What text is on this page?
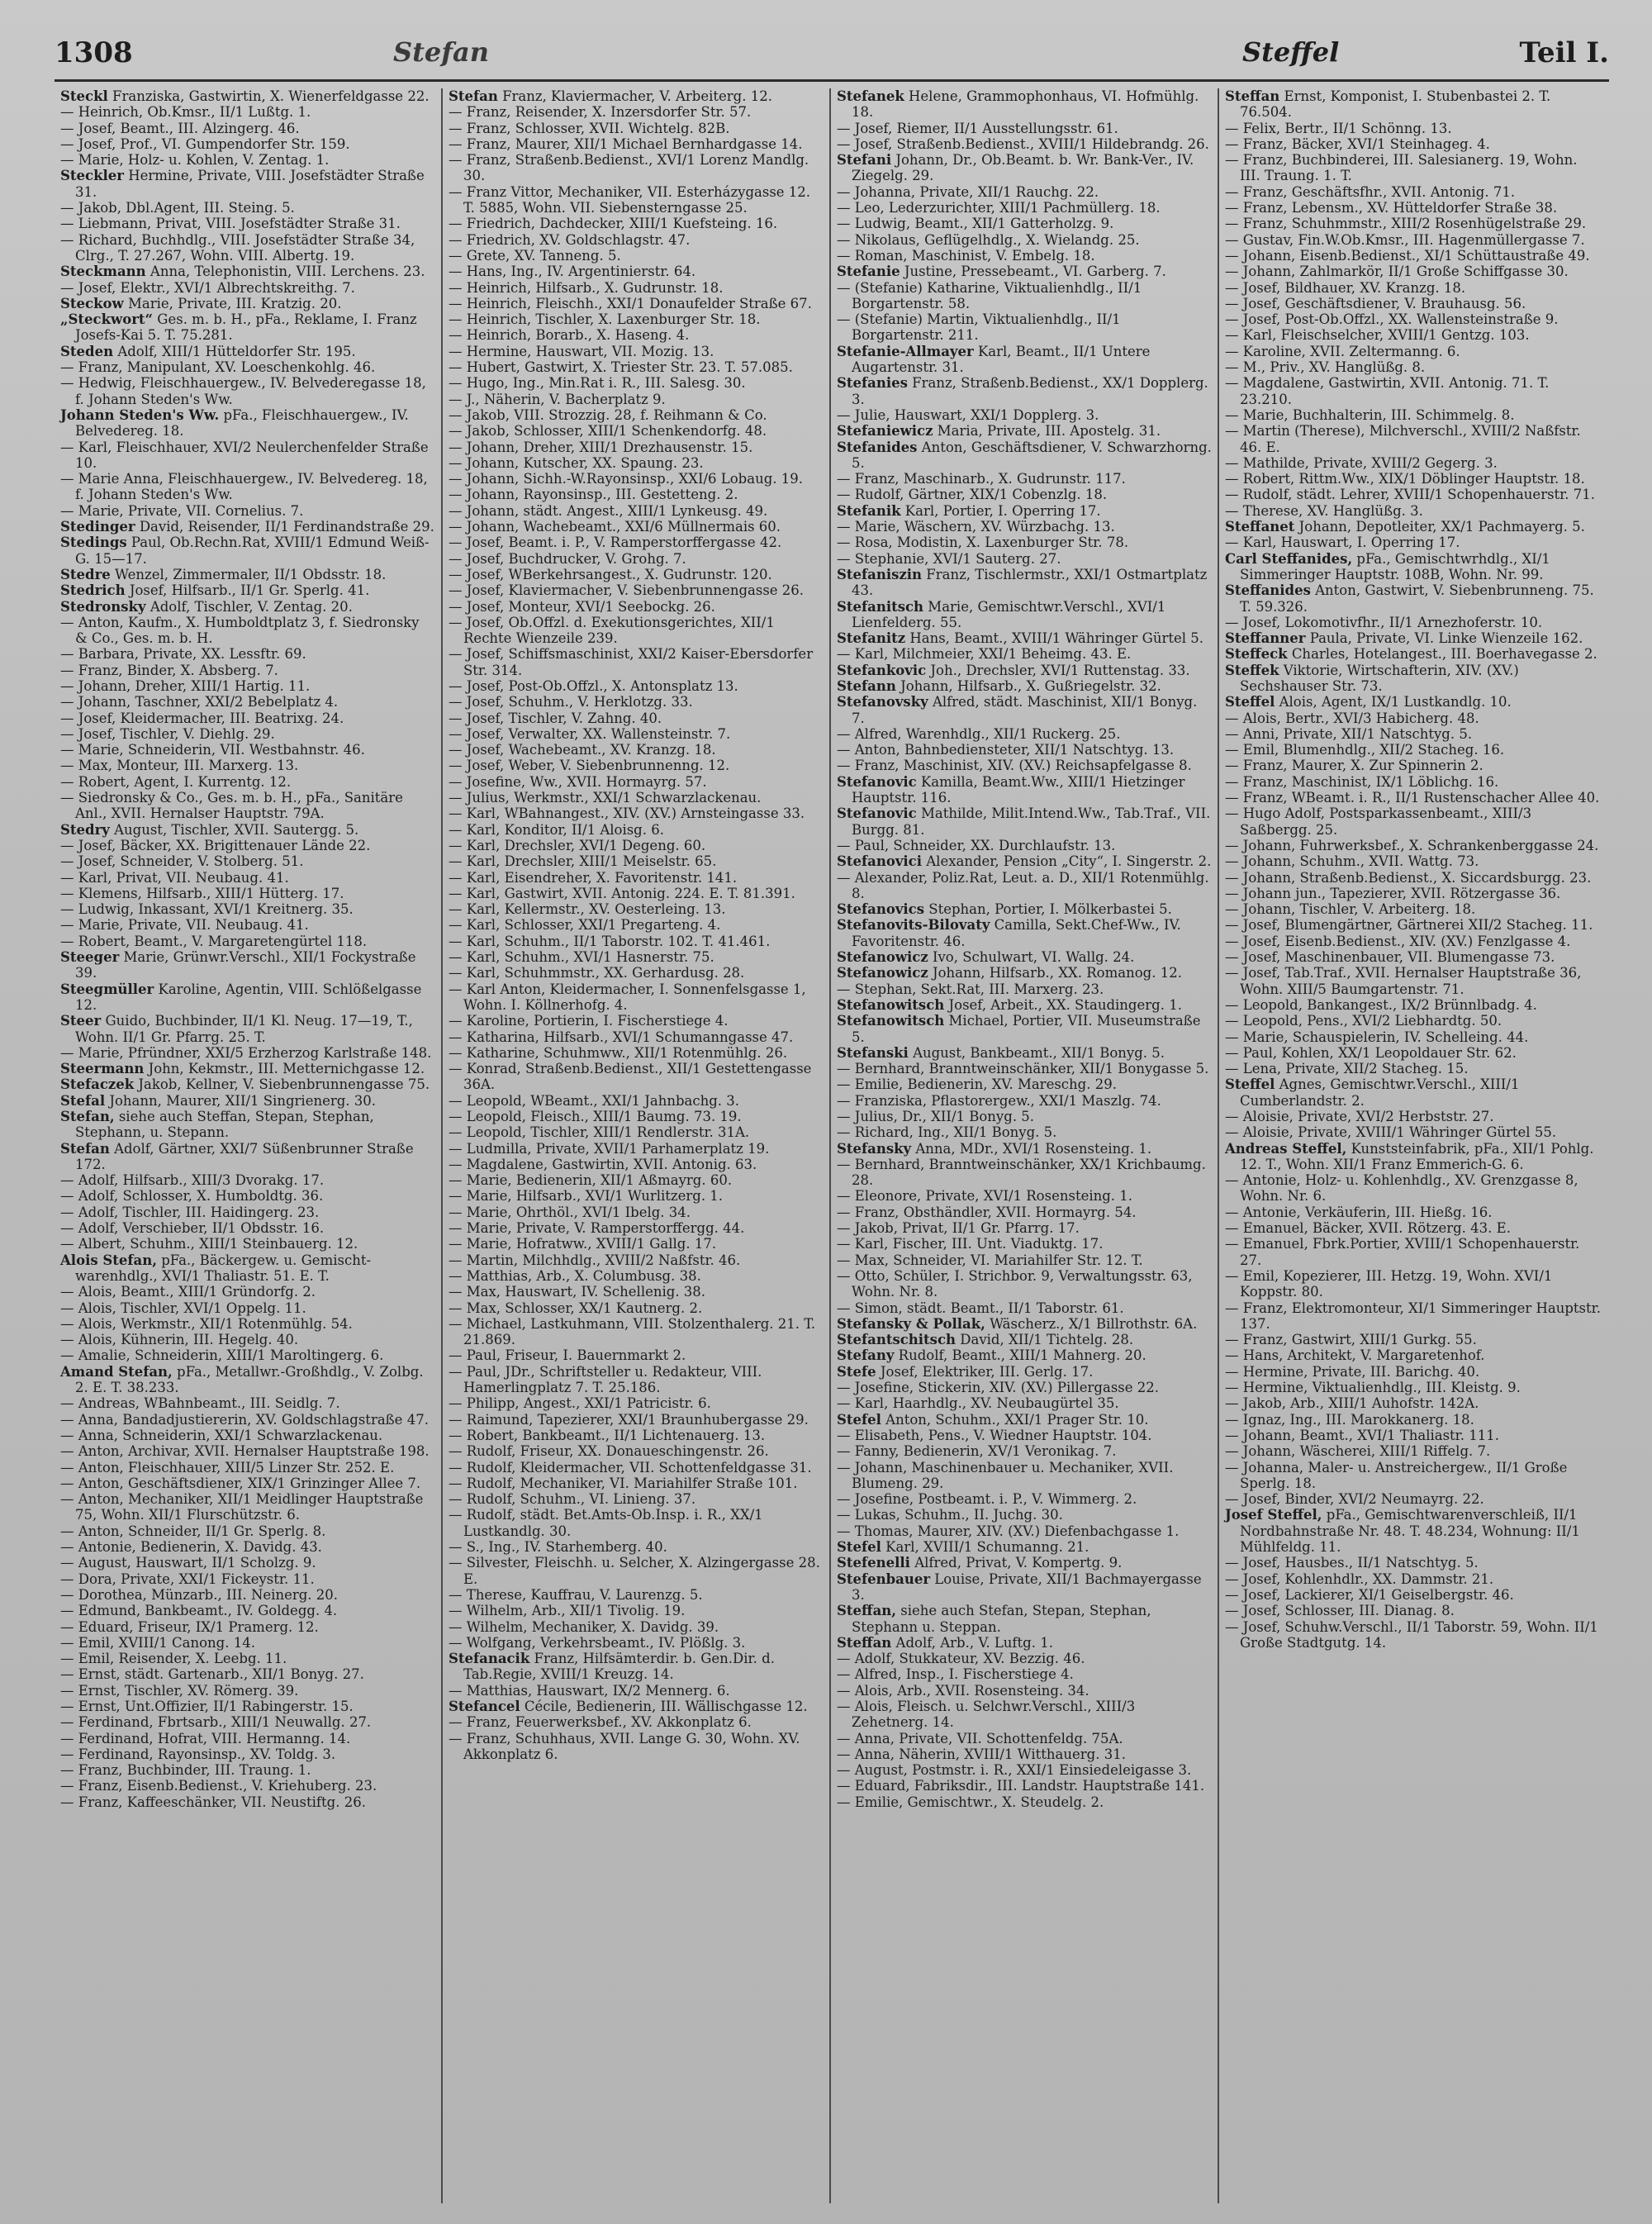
1308	Stefan	Steffel	Teil I.

Steckl Franziska, Gastwirtin, X. Wienerfeldgasse 22.

— Heinrich, Ob.Kmsr., II/1 Lußtg. 1.

— Josef, Beamt., III. Alzingerg. 46.

— Josef, Prof., VI. Gumpendorfer Str. 159.

— Marie, Holz- u. Kohlen, V. Zentag. 1.

Steckler Hermine, Private, VIII. Josefstädter Straße 31.

— Jakob, Dbl.Agent, III. Steing. 5.

— Liebmann, Privat, VIII. Josefstädter Straße 31.

— Richard, Buchhdlg., VIII. Josefstädter Straße 34, Clrg., T. 27.267, Wohn. VIII. Albertg. 19.

Steckmann Anna, Telephonistin, VIII. Lerchens. 23.

— Josef, Elektr., XVI/1 Albrechtskreithg. 7.

Steckow Marie, Private, III. Kratzig. 20.

„Steckwort“ Ges. m. b. H., pFa., Reklame, I. Franz Josefs-Kai 5. T. 75.281.

Steden Adolf, XIII/1 Hütteldorfer Str. 195.

— Franz, Manipulant, XV. Loeschenkohlg. 46.

— Hedwig, Fleischhauergew., IV. Belvederegasse 18, f. Johann Steden's Ww.

Johann Steden's Ww. pFa., Fleischhauergew., IV. Belvedereg. 18.

— Karl, Fleischhauer, XVI/2 Neulerchenfelder Straße 10.

— Marie Anna, Fleischhauergew., IV. Belvedereg. 18, f. Johann Steden's Ww.

— Marie, Private, VII. Cornelius. 7.

Stedinger David, Reisender, II/1 Ferdinandstraße 29.

Stedings Paul, Ob.Rechn.Rat, XVIII/1 Edmund Weiß-G. 15—17.

Stedre Wenzel, Zimmermaler, II/1 Obdsstr. 18.

Stedrich Josef, Hilfsarb., II/1 Gr. Sperlg. 41.

Stedronsky Adolf, Tischler, V. Zentag. 20.

— Anton, Kaufm., X. Humboldtplatz 3, f. Siedronsky & Co., Ges. m. b. H.

— Barbara, Private, XX. Lessftr. 69.

— Franz, Binder, X. Absberg. 7.

— Johann, Dreher, XIII/1 Hartig. 11.

— Johann, Taschner, XXI/2 Bebelplatz 4.

— Josef, Kleidermacher, III. Beatrixg. 24.

— Josef, Tischler, V. Diehlg. 29.

— Marie, Schneiderin, VII. Westbahnstr. 46.

— Max, Monteur, III. Marxerg. 13.

— Robert, Agent, I. Kurrentg. 12.

— Siedronsky & Co., Ges. m. b. H., pFa., Sanitäre Anl., XVII. Hernalser Hauptstr. 79A.

Stedry August, Tischler, XVII. Sautergg. 5.

— Josef, Bäcker, XX. Brigittenauer Lände 22.

— Josef, Schneider, V. Stolberg. 51.

— Karl, Privat, VII. Neubaug. 41.

— Klemens, Hilfsarb., XIII/1 Hütterg. 17.

— Ludwig, Inkassant, XVI/1 Kreitnerg. 35.

— Marie, Private, VII. Neubaug. 41.

— Robert, Beamt., V. Margaretengürtel 118.

Steeger Marie, Grünwr.Verschl., XII/1 Fockystraße 39.

Steegmüller Karoline, Agentin, VIII. Schlößelgasse 12.

Steer Guido, Buchbinder, II/1 Kl. Neug. 17—19, T., Wohn. II/1 Gr. Pfarrg. 25. T.

— Marie, Pfründner, XXI/5 Erzherzog Karlstraße 148.

Steermann John, Kekmstr., III. Metternichgasse 12.

Stefaczek Jakob, Kellner, V. Siebenbrunnengasse 75.

Stefal Johann, Maurer, XII/1 Singrienerg. 30.

Stefan, siehe auch Steffan, Stepan, Stephan, Stephann, u. Stepann.

Stefan Adolf, Gärtner, XXI/7 Süßenbrunner Straße 172.

— Adolf, Hilfsarb., XIII/3 Dvorakg. 17.

— Adolf, Schlosser, X. Humboldtg. 36.

— Adolf, Tischler, III. Haidingerg. 23.

— Adolf, Verschieber, II/1 Obdsstr. 16.

— Albert, Schuhm., XIII/1 Steinbauerg. 12.

Alois Stefan, pFa., Bäckergew. u. Gemischtwarenhdlg., XVI/1 Thaliastr. 51. E. T.

— Alois, Beamt., XIII/1 Gründorfg. 2.

— Alois, Tischler, XVI/1 Oppelg. 11.

— Alois, Werkmstr., XII/1 Rotenmühlg. 54.

— Alois, Kühnerin, III. Hegelg. 40.

— Amalie, Schneiderin, XIII/1 Maroltingerg. 6.

Amand Stefan, pFa., Metallwr.-Großhdlg., V. Zolbg. 2. E. T. 38.233.

— Andreas, WBahnbeamt., III. Seidlg. 7.

— Anna, Bandadjustiererin, XV. Goldschlagstraße 47.

— Anna, Schneiderin, XXI/1 Schwarzlackenau.

— Anton, Archivar, XVII. Hernalser Hauptstraße 198.

— Anton, Fleischhauer, XIII/5 Linzer Str. 252. E.

— Anton, Geschäftsdiener, XIX/1 Grinzinger Allee 7.

— Anton, Mechaniker, XII/1 Meidlinger Hauptstraße 75, Wohn. XII/1 Flurschützstr. 6.

— Anton, Schneider, II/1 Gr. Sperlg. 8.

— Antonie, Bedienerin, X. Davidg. 43.

— August, Hauswart, II/1 Scholzg. 9.

— Dora, Private, XXI/1 Fickeystr. 11.

— Dorothea, Münzarb., III. Neinerg. 20.

— Edmund, Bankbeamt., IV. Goldegg. 4.

— Eduard, Friseur, IX/1 Pramerg. 12.

— Emil, XVIII/1 Canong. 14.

— Emil, Reisender, X. Leebg. 11.

— Ernst, städt. Gartenarb., XII/1 Bonyg. 27.

— Ernst, Tischler, XV. Römerg. 39.

— Ernst, Unt.Offizier, II/1 Rabingerstr. 15.

— Ferdinand, Fbrtsarb., XIII/1 Neuwallg. 27.

— Ferdinand, Hofrat, VIII. Hermanng. 14.

— Ferdinand, Rayonsinsp., XV. Toldg. 3.

— Franz, Buchbinder, III. Traung. 1.

— Franz, Eisenb.Bedienst., V. Kriehuberg. 23.

— Franz, Kaffeeschänker, VII. Neustiftg. 26.

Stefan Franz, Klaviermacher, V. Arbeiterg. 12.

— Franz, Reisender, X. Inzersdorfer Str. 57.

— Franz, Schlosser, XVII. Wichtelg. 82B.

— Franz, Maurer, XII/1 Michael Bernhardgasse 14.

— Franz, Straßenb.Bedienst., XVI/1 Lorenz Mandlg. 30.

— Franz Vittor, Mechaniker, VII. Esterházygasse 12. T. 5885, Wohn. VII. Siebensterngasse 25.

— Friedrich, Dachdecker, XIII/1 Kuefsteing. 16.

— Friedrich, XV. Goldschlagstr. 47.

— Grete, XV. Tanneng. 5.

— Hans, Ing., IV. Argentinierstr. 64.

— Heinrich, Hilfsarb., X. Gudrunstr. 18.

— Heinrich, Fleischh., XXI/1 Donaufelder Straße 67.

— Heinrich, Tischler, X. Laxenburger Str. 18.

— Heinrich, Borarb., X. Haseng. 4.

— Hermine, Hauswart, VII. Mozig. 13.

— Hubert, Gastwirt, X. Triester Str. 23. T. 57.085.

— Hugo, Ing., Min.Rat i. R., III. Salesg. 30.

— J., Näherin, V. Bacherplatz 9.

— Jakob, VIII. Strozzig. 28, f. Reihmann & Co.

— Jakob, Schlosser, XIII/1 Schenkendorfg. 48.

— Johann, Dreher, XIII/1 Drezhausenstr. 15.

— Johann, Kutscher, XX. Spaung. 23.

— Johann, Sichh.-W.Rayonsinsp., XXI/6 Lobaug. 19.

— Johann, Rayonsinsp., III. Gestetteng. 2.

— Johann, städt. Angest., XIII/1 Lynkeusg. 49.

— Johann, Wachebeamt., XXI/6 Müllnermais 60.

— Josef, Beamt. i. P., V. Ramperstorffergasse 42.

— Josef, Buchdrucker, V. Grohg. 7.

— Josef, WBerkehrsangest., X. Gudrunstr. 120.

— Josef, Klaviermacher, V. Siebenbrunnengasse 26.

— Josef, Monteur, XVI/1 Seebockg. 26.

— Josef, Ob.Offzl. d. Exekutionsgerichtes, XII/1 Rechte Wienzeile 239.

— Josef, Schiffsmaschinist, XXI/2 Kaiser-Ebersdorfer Str. 314.

— Josef, Post-Ob.Offzl., X. Antonsplatz 13.

— Josef, Schuhm., V. Herklotzg. 33.

— Josef, Tischler, V. Zahng. 40.

— Josef, Verwalter, XX. Wallensteinstr. 7.

— Josef, Wachebeamt., XV. Kranzg. 18.

— Josef, Weber, V. Siebenbrunnenng. 12.

— Josefine, Ww., XVII. Hormayrg. 57.

— Julius, Werkmstr., XXI/1 Schwarzlackenau.

— Karl, WBahnangest., XIV. (XV.) Arnsteingasse 33.

— Karl, Konditor, II/1 Aloisg. 6.

— Karl, Drechsler, XVI/1 Degeng. 60.

— Karl, Drechsler, XIII/1 Meiselstr. 65.

— Karl, Eisendreher, X. Favoritenstr. 141.

— Karl, Gastwirt, XVII. Antonig. 224. E. T. 81.391.

— Karl, Kellermstr., XV. Oesterleing. 13.

— Karl, Schlosser, XXI/1 Pregarteng. 4.

— Karl, Schuhm., II/1 Taborstr. 102. T. 41.461.

— Karl, Schuhm., XVI/1 Hasnerstr. 75.

— Karl, Schuhmmstr., XX. Gerhardusg. 28.

— Karl Anton, Kleidermacher, I. Sonnenfelsgasse 1, Wohn. I. Köllnerhofg. 4.

— Karoline, Portierin, I. Fischerstiege 4.

— Katharina, Hilfsarb., XVI/1 Schumanngasse 47.

— Katharine, Schuhmww., XII/1 Rotenmühlg. 26.

— Konrad, Straßenb.Bedienst., XII/1 Gestettengasse 36A.

— Leopold, WBeamt., XXI/1 Jahnbachg. 3.

— Leopold, Fleisch., XIII/1 Baumg. 73. 19.

— Leopold, Tischler, XIII/1 Rendlerstr. 31A.

— Ludmilla, Private, XVII/1 Parhamerplatz 19.

— Magdalene, Gastwirtin, XVII. Antonig. 63.

— Marie, Bedienerin, XII/1 Aßmayrg. 60.

— Marie, Hilfsarb., XVI/1 Wurlitzerg. 1.

— Marie, Ohrthöl., XVI/1 Ibelg. 34.

— Marie, Private, V. Ramperstorffergg. 44.

— Marie, Hofratww., XVIII/1 Gallg. 17.

— Martin, Milchhdlg., XVIII/2 Naßfstr. 46.

— Matthias, Arb., X. Columbusg. 38.

— Max, Hauswart, IV. Schellenig. 38.

— Max, Schlosser, XX/1 Kautnerg. 2.

— Michael, Lastkuhmann, VIII. Stolzenthalerg. 21. T. 21.869.

— Paul, Friseur, I. Bauernmarkt 2.

— Paul, JDr., Schriftsteller u. Redakteur, VIII. Hamerlingplatz 7. T. 25.186.

— Philipp, Angest., XXI/1 Patricistr. 6.

— Raimund, Tapezierer, XXI/1 Braunhubergasse 29.

— Robert, Bankbeamt., II/1 Lichtenauerg. 13.

— Rudolf, Friseur, XX. Donaueschingenstr. 26.

— Rudolf, Kleidermacher, VII. Schottenfeldgasse 31.

— Rudolf, Mechaniker, VI. Mariahilfer Straße 101.

— Rudolf, Schuhm., VI. Linieng. 37.

— Rudolf, städt. Bet.Amts-Ob.Insp. i. R., XX/1 Lustkandlg. 30.

— S., Ing., IV. Starhemberg. 40.

— Silvester, Fleischh. u. Selcher, X. Alzingergasse 28. E.

— Therese, Kauffrau, V. Laurenzg. 5.

— Wilhelm, Arb., XII/1 Tivolig. 19.

— Wilhelm, Mechaniker, X. Davidg. 39.

— Wolfgang, Verkehrsbeamt., IV. Plößlg. 3.

Stefanacik Franz, Hilfsämterdir. b. Gen.Dir. d. Tab.Regie, XVIII/1 Kreuzg. 14.

— Matthias, Hauswart, IX/2 Mennerg. 6.

Stefancel Cécile, Bedienerin, III. Wällischgasse 12.

— Franz, Feuerwerksbef., XV. Akkonplatz 6.

— Franz, Schuhhaus, XVII. Lange G. 30, Wohn. XV. Akkonplatz 6.

Stefanek Helene, Grammophonhaus, VI. Hofmühlg. 18.

— Josef, Riemer, II/1 Ausstellungsstr. 61.

— Josef, Straßenb.Bedienst., XVIII/1 Hildebrandg. 26.

Stefani Johann, Dr., Ob.Beamt. b. Wr. Bank-Ver., IV. Ziegelg. 29.

— Johanna, Private, XII/1 Rauchg. 22.

— Leo, Lederzurichter, XIII/1 Pachmüllerg. 18.

— Ludwig, Beamt., XII/1 Gatterholzg. 9.

— Nikolaus, Geflügelhdlg., X. Wielandg. 25.

— Roman, Maschinist, V. Embelg. 18.

Stefanie Justine, Pressebeamt., VI. Garberg. 7.

— (Stefanie) Katharine, Viktualienhdlg., II/1 Borgartenstr. 58.

— (Stefanie) Martin, Viktualienhdlg., II/1 Borgartenstr. 211.

Stefanie-Allmayer Karl, Beamt., II/1 Untere Augartenstr. 31.

Stefanies Franz, Straßenb.Bedienst., XX/1 Dopplerg. 3.

— Julie, Hauswart, XXI/1 Dopplerg. 3.

Stefaniewicz Maria, Private, III. Apostelg. 31.

Stefanides Anton, Geschäftsdiener, V. Schwarzhorng. 5.

— Franz, Maschinarb., X. Gudrunstr. 117.

— Rudolf, Gärtner, XIX/1 Cobenzlg. 18.

Stefanik Karl, Portier, I. Operring 17.

— Marie, Wäschern, XV. Würzbachg. 13.

— Rosa, Modistin, X. Laxenburger Str. 78.

— Stephanie, XVI/1 Sauterg. 27.

Stefaniszin Franz, Tischlermstr., XXI/1 Ostmartplatz 43.

Stefanitsch Marie, Gemischtwr.Verschl., XVI/1 Lienfelderg. 55.

Stefanitz Hans, Beamt., XVIII/1 Währinger Gürtel 5.

— Karl, Milchmeier, XXI/1 Beheimg. 43. E.

Stefankovic Joh., Drechsler, XVI/1 Ruttenstag. 33.

Stefann Johann, Hilfsarb., X. Gußriegelstr. 32.

Stefanovsky Alfred, städt. Maschinist, XII/1 Bonyg. 7.

— Alfred, Warenhdlg., XII/1 Ruckerg. 25.

— Anton, Bahnbediensteter, XII/1 Natschtyg. 13.

— Franz, Maschinist, XIV. (XV.) Reichsapfelgasse 8.

Stefanovic Kamilla, Beamt.Ww., XIII/1 Hietzinger Hauptstr. 116.

Stefanovic Mathilde, Milit.Intend.Ww., Tab.Traf., VII. Burgg. 81.

— Paul, Schneider, XX. Durchlaufstr. 13.

Stefanovici Alexander, Pension „City“, I. Singerstr. 2.

— Alexander, Poliz.Rat, Leut. a. D., XII/1 Rotenmühlg. 8.

Stefanovics Stephan, Portier, I. Mölkerbastei 5.

Stefanovits-Bilovaty Camilla, Sekt.Chef-Ww., IV. Favoritenstr. 46.

Stefanowicz Ivo, Schulwart, VI. Wallg. 24.

Stefanowicz Johann, Hilfsarb., XX. Romanog. 12.

— Stephan, Sekt.Rat, III. Marxerg. 23.

Stefanowitsch Josef, Arbeit., XX. Staudingerg. 1.

Stefanowitsch Michael, Portier, VII. Museumstraße 5.

Stefanski August, Bankbeamt., XII/1 Bonyg. 5.

— Bernhard, Branntweinschänker, XII/1 Bonygasse 5.

— Emilie, Bedienerin, XV. Mareschg. 29.

— Franziska, Pflastorergew., XXI/1 Maszlg. 74.

— Julius, Dr., XII/1 Bonyg. 5.

— Richard, Ing., XII/1 Bonyg. 5.

Stefansky Anna, MDr., XVI/1 Rosensteing. 1.

— Bernhard, Branntweinschänker, XX/1 Krichbaumg. 28.

— Eleonore, Private, XVI/1 Rosensteing. 1.

— Franz, Obsthändler, XVII. Hormayrg. 54.

— Jakob, Privat, II/1 Gr. Pfarrg. 17.

— Karl, Fischer, III. Unt. Viaduktg. 17.

— Max, Schneider, VI. Mariahilfer Str. 12. T.

— Otto, Schüler, I. Strichbor. 9, Verwaltungsstr. 63, Wohn. Nr. 8.

— Simon, städt. Beamt., II/1 Taborstr. 61.

Stefansky & Pollak, Wäscherz., X/1 Billrothstr. 6A.

Stefantschitsch David, XII/1 Tichtelg. 28.

Stefany Rudolf, Beamt., XIII/1 Mahnerg. 20.

Stefe Josef, Elektriker, III. Gerlg. 17.

— Josefine, Stickerin, XIV. (XV.) Pillergasse 22.

— Karl, Haarhdlg., XV. Neubaugürtel 35.

Stefel Anton, Schuhm., XXI/1 Prager Str. 10.

— Elisabeth, Pens., V. Wiedner Hauptstr. 104.

— Fanny, Bedienerin, XV/1 Veronikag. 7.

— Johann, Maschinenbauer u. Mechaniker, XVII. Blumeng. 29.

— Josefine, Postbeamt. i. P., V. Wimmerg. 2.

— Lukas, Schuhm., II. Juchg. 30.

— Thomas, Maurer, XIV. (XV.) Diefenbachgasse 1.

Stefel Karl, XVIII/1 Schumanng. 21.

Stefenelli Alfred, Privat, V. Kompertg. 9.

Stefenbauer Louise, Private, XII/1 Bachmayergasse 3.

Steffan, siehe auch Stefan, Stepan, Stephan, Stephann u. Steppan.

Steffan Adolf, Arb., V. Luftg. 1.

— Adolf, Stukkateur, XV. Bezzig. 46.

— Alfred, Insp., I. Fischerstiege 4.

— Alois, Arb., XVII. Rosensteing. 34.

— Alois, Fleisch. u. Selchwr.Verschl., XIII/3 Zehetnerg. 14.

— Anna, Private, VII. Schottenfeldg. 75A.

— Anna, Näherin, XVIII/1 Witthauerg. 31.

— August, Postmstr. i. R., XXI/1 Einsiedeleigasse 3.

— Eduard, Fabriksdir., III. Landstr. Hauptstraße 141.

— Emilie, Gemischtwr., X. Steudelg. 2.

Steffan Ernst, Komponist, I. Stubenbastei 2. T. 76.504.

— Felix, Bertr., II/1 Schönng. 13.

— Franz, Bäcker, XVI/1 Steinhageg. 4.

— Franz, Buchbinderei, III. Salesianerg. 19, Wohn. III. Traung. 1. T.

— Franz, Geschäftsfhr., XVII. Antonig. 71.

— Franz, Lebensm., XV. Hütteldorfer Straße 38.

— Franz, Schuhmmstr., XIII/2 Rosenhügelstraße 29.

— Gustav, Fin.W.Ob.Kmsr., III. Hagenmüllergasse 7.

— Johann, Eisenb.Bedienst., XI/1 Schüttaustraße 49.

— Johann, Zahlmarkör, II/1 Große Schiffgasse 30.

— Josef, Bildhauer, XV. Kranzg. 18.

— Josef, Geschäftsdiener, V. Brauhausg. 56.

— Josef, Post-Ob.Offzl., XX. Wallensteinstraße 9.

— Karl, Fleischselcher, XVIII/1 Gentzg. 103.

— Karoline, XVII. Zeltermanng. 6.

— M., Priv., XV. Hanglüßg. 8.

— Magdalene, Gastwirtin, XVII. Antonig. 71. T. 23.210.

— Marie, Buchhalterin, III. Schimmelg. 8.

— Martin (Therese), Milchverschl., XVIII/2 Naßfstr. 46. E.

— Mathilde, Private, XVIII/2 Gegerg. 3.

— Robert, Rittm.Ww., XIX/1 Döblinger Hauptstr. 18.

— Rudolf, städt. Lehrer, XVIII/1 Schopenhauerstr. 71.

— Therese, XV. Hanglüßg. 3.

Steffanet Johann, Depotleiter, XX/1 Pachmayerg. 5.

— Karl, Hauswart, I. Operring 17.

Carl Steffanides, pFa., Gemischtwrhdlg., XI/1 Simmeringer Hauptstr. 108B, Wohn. Nr. 99.

Steffanides Anton, Gastwirt, V. Siebenbrunneng. 75. T. 59.326.

— Josef, Lokomotivfhr., II/1 Arnezhoferstr. 10.

Steffanner Paula, Private, VI. Linke Wienzeile 162.

Steffeck Charles, Hotelangest., III. Boerhavegasse 2.

Steffek Viktorie, Wirtschafterin, XIV. (XV.) Sechshauser Str. 73.

Steffel Alois, Agent, IX/1 Lustkandlg. 10.

— Alois, Bertr., XVI/3 Habicherg. 48.

— Anni, Private, XII/1 Natschtyg. 5.

— Emil, Blumenhdlg., XII/2 Stacheg. 16.

— Franz, Maurer, X. Zur Spinnerin 2.

— Franz, Maschinist, IX/1 Löblichg. 16.

— Franz, WBeamt. i. R., II/1 Rustenschacher Allee 40.

— Hugo Adolf, Postsparkassenbeamt., XIII/3 Saßbergg. 25.

— Johann, Fuhrwerksbef., X. Schrankenberggasse 24.

— Johann, Schuhm., XVII. Wattg. 73.

— Johann, Straßenb.Bedienst., X. Siccardsburgg. 23.

— Johann jun., Tapezierer, XVII. Rötzergasse 36.

— Johann, Tischler, V. Arbeiterg. 18.

— Josef, Blumengärtner, Gärtnerei XII/2 Stacheg. 11.

— Josef, Eisenb.Bedienst., XIV. (XV.) Fenzlgasse 4.

— Josef, Maschinenbauer, VII. Blumengasse 73.

— Josef, Tab.Traf., XVII. Hernalser Hauptstraße 36, Wohn. XIII/5 Baumgartenstr. 71.

— Leopold, Bankangest., IX/2 Brünnlbadg. 4.

— Leopold, Pens., XVI/2 Liebhardtg. 50.

— Marie, Schauspielerin, IV. Schelleing. 44.

— Paul, Kohlen, XX/1 Leopoldauer Str. 62.

— Lena, Private, XII/2 Stacheg. 15.

Steffel Agnes, Gemischtwr.Verschl., XIII/1 Cumberlandstr. 2.

— Aloisie, Private, XVI/2 Herbststr. 27.

— Aloisie, Private, XVIII/1 Währinger Gürtel 55.

Andreas Steffel, Kunststeinfabrik, pFa., XII/1 Pohlg. 12. T., Wohn. XII/1 Franz Emmerich-G. 6.

— Antonie, Holz- u. Kohlenhdlg., XV. Grenzgasse 8, Wohn. Nr. 6.

— Antonie, Verkäuferin, III. Hießg. 16.

— Emanuel, Bäcker, XVII. Rötzerg. 43. E.

— Emanuel, Fbrk.Portier, XVIII/1 Schopenhauerstr. 27.

— Emil, Kopezierer, III. Hetzg. 19, Wohn. XVI/1 Koppstr. 80.

— Franz, Elektromonteur, XI/1 Simmeringer Hauptstr. 137.

— Franz, Gastwirt, XIII/1 Gurkg. 55.

— Hans, Architekt, V. Margaretenhof.

— Hermine, Private, III. Barichg. 40.

— Hermine, Viktualienhdlg., III. Kleistg. 9.

— Jakob, Arb., XIII/1 Auhofstr. 142A.

— Ignaz, Ing., III. Marokkanerg. 18.

— Johann, Beamt., XVI/1 Thaliastr. 111.

— Johann, Wäscherei, XIII/1 Riffelg. 7.

— Johanna, Maler- u. Anstreichergew., II/1 Große Sperlg. 18.

— Josef, Binder, XVI/2 Neumayrg. 22.

Josef Steffel, pFa., Gemischtwarenverschleiß, II/1 Nordbahnstraße Nr. 48. T. 48.234, Wohnung: II/1 Mühlfeldg. 11.

— Josef, Hausbes., II/1 Natschtyg. 5.

— Josef, Kohlenhdlr., XX. Dammstr. 21.

— Josef, Lackierer, XI/1 Geiselbergstr. 46.

— Josef, Schlosser, III. Dianag. 8.

— Josef, Schuhw.Verschl., II/1 Taborstr. 59, Wohn. II/1 Große Stadtgutg. 14.
